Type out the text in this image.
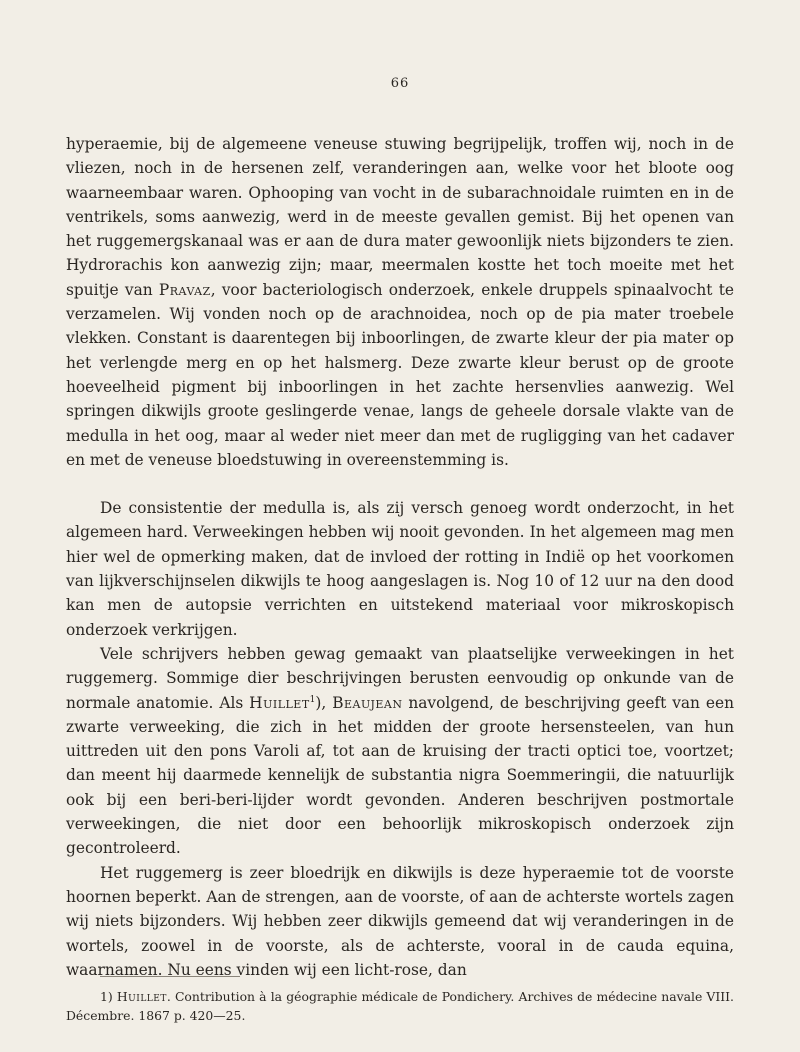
66

hyperaemie, bij de algemeene veneuse stuwing begrijpelijk, troffen wij, noch in de vliezen, noch in de hersenen zelf, veranderingen aan, welke voor het bloote oog waarneembaar waren. Ophooping van vocht in de subarachnoidale ruimten en in de ventrikels, soms aanwezig, werd in de meeste gevallen gemist. Bij het openen van het ruggemergskanaal was er aan de dura mater gewoonlijk niets bijzonders te zien. Hydrorachis kon aanwezig zijn; maar, meermalen kostte het toch moeite met het spuitje van Pravaz, voor bacteriologisch onderzoek, enkele druppels spinaalvocht te verzamelen. Wij vonden noch op de arachnoidea, noch op de pia mater troebele vlekken. Constant is daarentegen bij inboorlingen, de zwarte kleur der pia mater op het verlengde merg en op het halsmerg. Deze zwarte kleur berust op de groote hoeveelheid pigment bij inboorlingen in het zachte hersenvlies aanwezig. Wel springen dikwijls groote geslingerde venae, langs de geheele dorsale vlakte van de medulla in het oog, maar al weder niet meer dan met de rugligging van het cadaver en met de veneuse bloedstuwing in overeenstemming is.

De consistentie der medulla is, als zij versch genoeg wordt onderzocht, in het algemeen hard. Verweekingen hebben wij nooit gevonden. In het algemeen mag men hier wel de opmerking maken, dat de invloed der rotting in Indië op het voorkomen van lijkverschijnselen dikwijls te hoog aangeslagen is. Nog 10 of 12 uur na den dood kan men de autopsie verrichten en uitstekend materiaal voor mikroskopisch onderzoek verkrijgen.

Vele schrijvers hebben gewag gemaakt van plaatselijke verweekingen in het ruggemerg. Sommige dier beschrijvingen berusten eenvoudig op onkunde van de normale anatomie. Als Huillet$^1$), Beaujean navolgend, de beschrijving geeft van een zwarte verweeking, die zich in het midden der groote hersensteelen, van hun uittreden uit den pons Varoli af, tot aan de kruising der tracti optici toe, voortzet; dan meent hij daarmede kennelijk de substantia nigra Soemmeringii, die natuurlijk ook bij een beri-beri-lijder wordt gevonden. Anderen beschrijven postmortale verweekingen, die niet door een behoorlijk mikroskopisch onderzoek zijn gecontroleerd.

Het ruggemerg is zeer bloedrijk en dikwijls is deze hyperaemie tot de voorste hoornen beperkt. Aan de strengen, aan de voorste, of aan de achterste wortels zagen wij niets bijzonders. Wij hebben zeer dikwijls gemeend dat wij veranderingen in de wortels, zoowel in de voorste, als de achterste, vooral in de cauda equina, waarnamen. Nu eens vinden wij een licht-rose, dan

1) Huillet. Contribution à la géographie médicale de Pondichery. Archives de médecine navale VIII. Décembre. 1867 p. 420—25.
